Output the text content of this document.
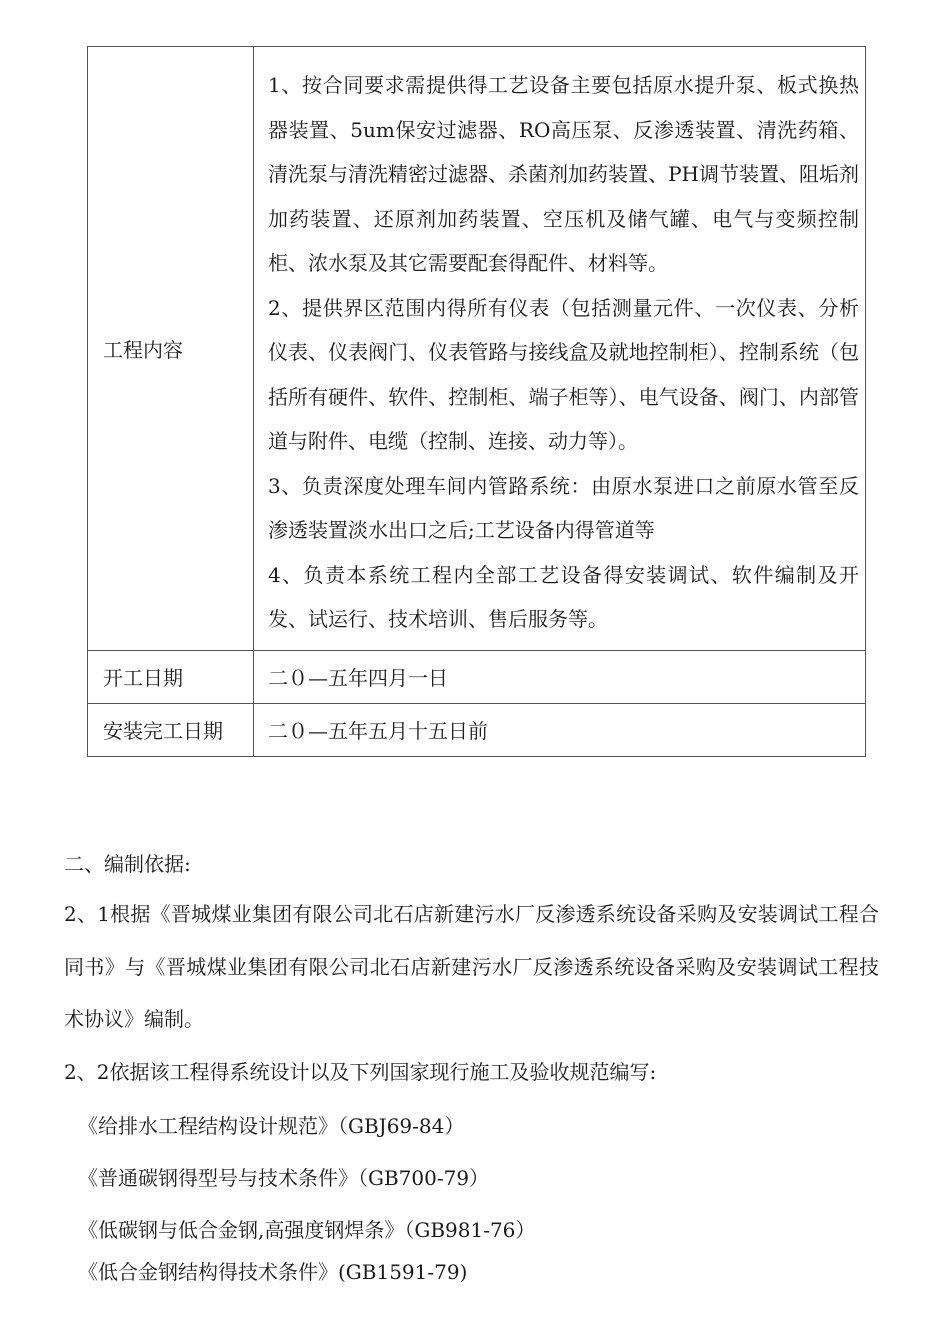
工程内容	1、按合同要求需提供得工艺设备主要包括原水提升泵、板式换热器装置、5um保安过滤器、RO高压泵、反渗透装置、清洗药箱、清洗泵与清洗精密过滤器、杀菌剂加药装置、PH调节装置、阻垢剂加药装置、还原剂加药装置、空压机及储气罐、电气与变频控制柜、浓水泵及其它需要配套得配件、材料等。
2、提供界区范围内得所有仪表（包括测量元件、一次仪表、分析仪表、仪表阀门、仪表管路与接线盒及就地控制柜）、控制系统（包括所有硬件、软件、控制柜、端子柜等）、电气设备、阀门、内部管道与附件、电缆（控制、连接、动力等）。
3、负责深度处理车间内管路系统：由原水泵进口之前原水管至反渗透装置淡水出口之后;工艺设备内得管道等
4、负责本系统工程内全部工艺设备得安装调试、软件编制及开发、试运行、技术培训、售后服务等。

开工日期	二０—五年四月一日
安装完工日期	二０—五年五月十五日前
二、编制依据:
2、1根据《晋城煤业集团有限公司北石店新建污水厂反渗透系统设备采购及安装调试工程合同书》与《晋城煤业集团有限公司北石店新建污水厂反渗透系统设备采购及安装调试工程技术协议》编制。
2、2依据该工程得系统设计以及下列国家现行施工及验收规范编写:
《给排水工程结构设计规范》（GBJ69-84）
《普通碳钢得型号与技术条件》（GB700-79）
《低碳钢与低合金钢,高强度钢焊条》（GB981-76）
《低合金钢结构得技术条件》(GB1591-79)
